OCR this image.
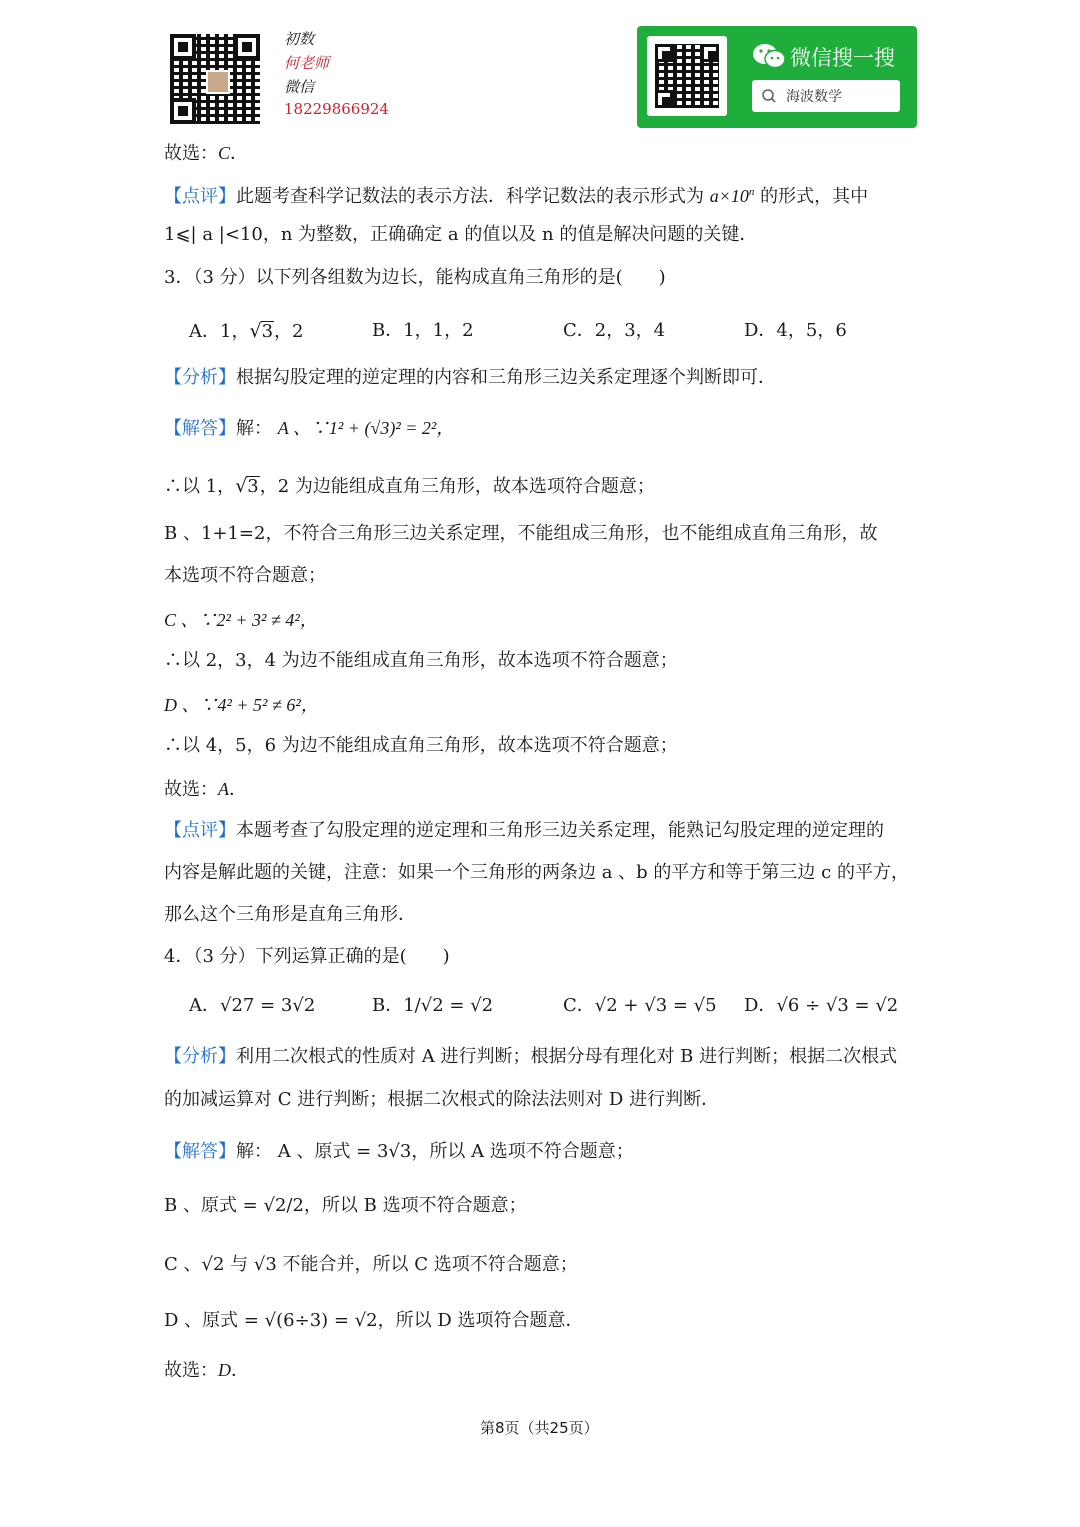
初数
何老师
微信
18229866924
微信搜一搜
海波数学
故选：C．
【点评】此题考查科学记数法的表示方法．科学记数法的表示形式为 $a\times 10^n$ 的形式，其中
1⩽| a |<10，n 为整数，正确确定 a 的值以及 n 的值是解决问题的关键．
3．（3 分）以下列各组数为边长，能构成直角三角形的是(　　)
A．1，√3，2	B．1，1，2	C．2，3，4	D．4，5，6
【分析】根据勾股定理的逆定理的内容和三角形三边关系定理逐个判断即可．
【解答】解： A 、∵1² + (√3)² = 2²，
∴以 1，√3，2 为边能组成直角三角形，故本选项符合题意；
B 、1+1=2，不符合三角形三边关系定理，不能组成三角形，也不能组成直角三角形，故
本选项不符合题意；
C 、∵2² + 3² ≠ 4²，
∴以 2，3，4 为边不能组成直角三角形，故本选项不符合题意；
D 、∵4² + 5² ≠ 6²，
∴以 4，5，6 为边不能组成直角三角形，故本选项不符合题意；
故选：A．
【点评】本题考查了勾股定理的逆定理和三角形三边关系定理，能熟记勾股定理的逆定理的
内容是解此题的关键，注意：如果一个三角形的两条边 a 、b 的平方和等于第三边 c 的平方，
那么这个三角形是直角三角形．
4．（3 分）下列运算正确的是(　　)
A．√27 = 3√2	B．1/√2 = √2	C．√2 + √3 = √5 D．√6 ÷ √3 = √2
【分析】利用二次根式的性质对 A 进行判断；根据分母有理化对 B 进行判断；根据二次根式
的加减运算对 C 进行判断；根据二次根式的除法法则对 D 进行判断．
【解答】解： A 、原式 = 3√3，所以 A 选项不符合题意；
B 、原式 = √2/2，所以 B 选项不符合题意；
C 、√2 与 √3 不能合并，所以 C 选项不符合题意；
D 、原式 = √(6÷3) = √2，所以 D 选项符合题意．
故选：D．
第8页（共25页）
